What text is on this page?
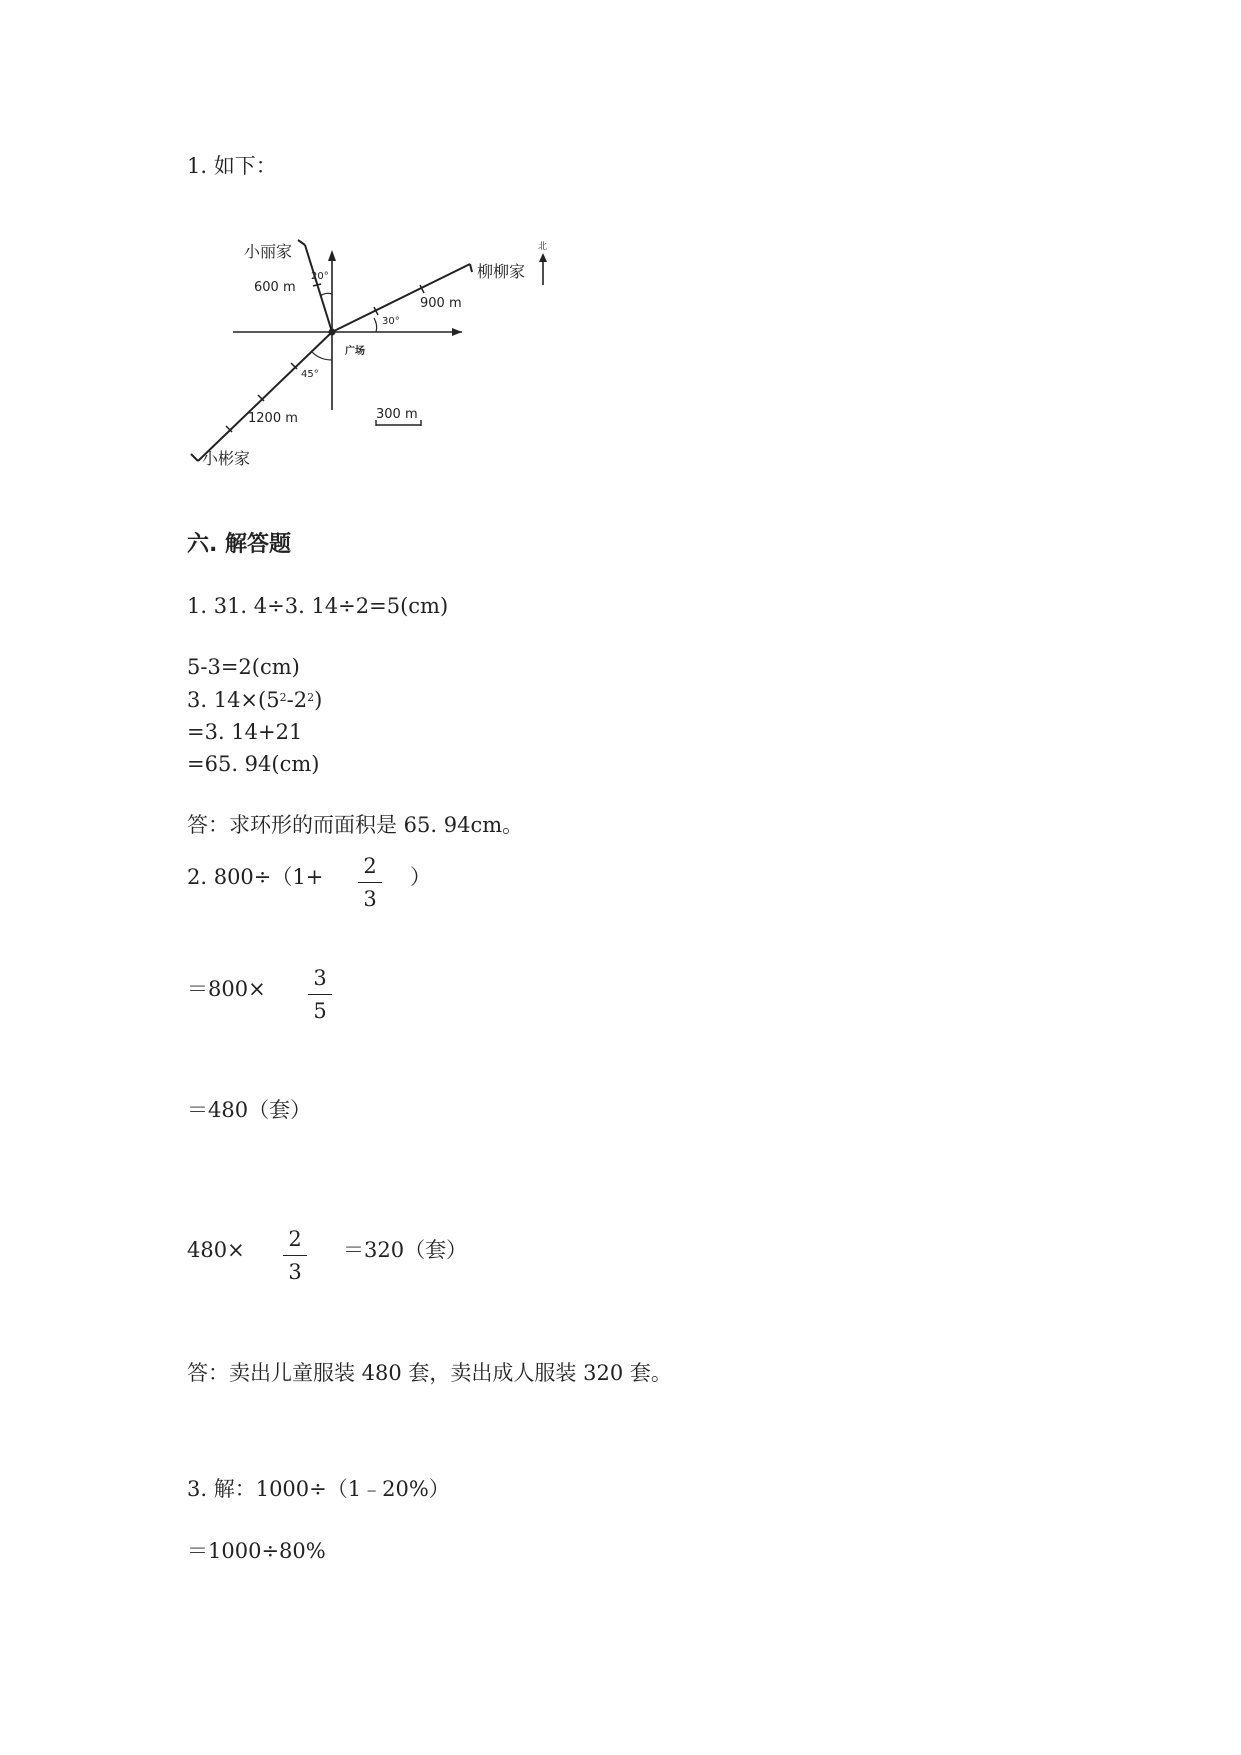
1. 如下：
小丽家
柳柳家
小彬家
广场
北
600 m
900 m
1200 m
20°
30°
45°
300 m
六. 解答题
1. 31. 4÷3. 14÷2=5(cm)
5-3=2(cm)
3. $14\times(5^2-2^2)$
=3. 14+21
=65. 94(cm)
答：求环形的而面积是 65. 94cm。
2. 800÷（1+ 2
3
）
＝800× 3
5
＝480（套）
480× 2
3
＝320（套）
答：卖出儿童服装 480 套，卖出成人服装 320 套。
3. 解：1000÷（1﹣20%）
＝1000÷80%
